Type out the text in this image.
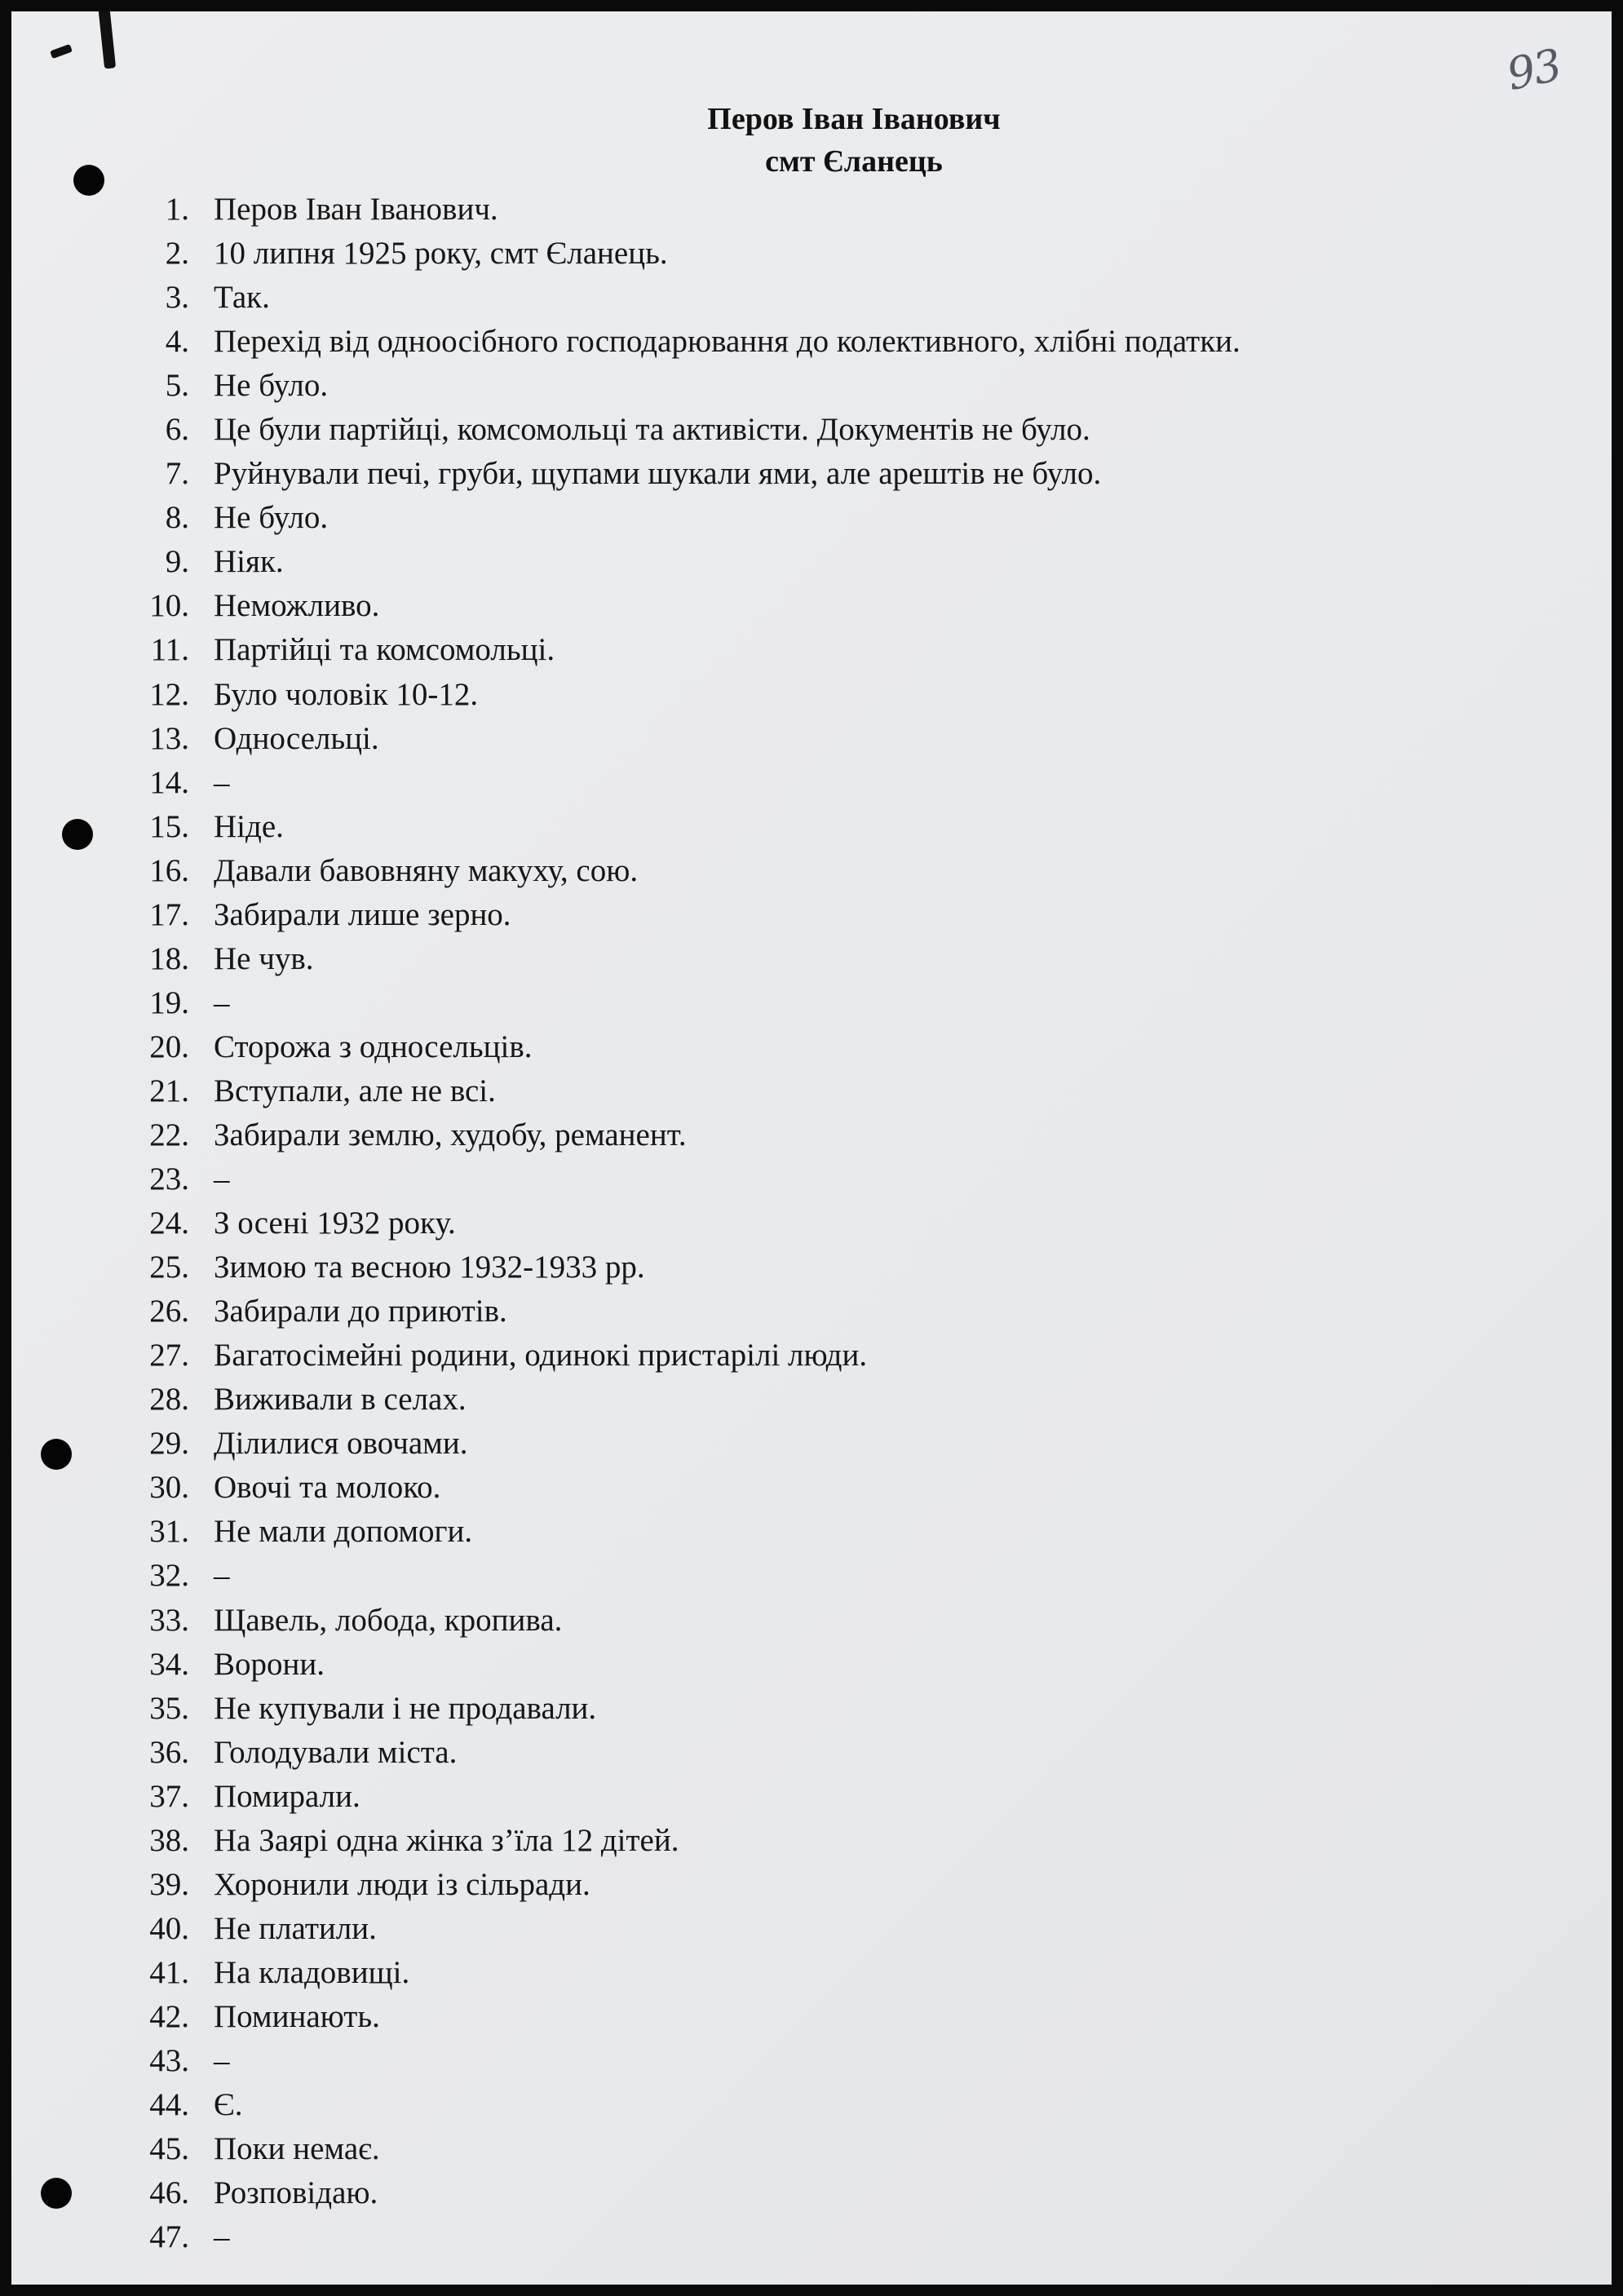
93
Перов Іван Іванович
смт Єланець
1. Перов Іван Іванович.
2. 10 липня 1925 року, смт Єланець.
3. Так.
4. Перехід від одноосібного господарювання до колективного, хлібні податки.
5. Не було.
6. Це були партійці, комсомольці та активісти. Документів не було.
7. Руйнували печі, груби, щупами шукали ями, але арештів не було.
8. Не було.
9. Ніяк.
10. Неможливо.
11. Партійці та комсомольці.
12. Було чоловік 10-12.
13. Односельці.
14. –
15. Ніде.
16. Давали бавовняну макуху, сою.
17. Забирали лише зерно.
18. Не чув.
19. –
20. Сторожа з односельців.
21. Вступали, але не всі.
22. Забирали землю, худобу, реманент.
23. –
24. З осені 1932 року.
25. Зимою та весною 1932-1933 рр.
26. Забирали до приютів.
27. Багатосімейні родини, одинокі пристарілі люди.
28. Виживали в селах.
29. Ділилися овочами.
30. Овочі та молоко.
31. Не мали допомоги.
32. –
33. Щавель, лобода, кропива.
34. Ворони.
35. Не купували і не продавали.
36. Голодували міста.
37. Помирали.
38. На Заярі одна жінка з’їла 12 дітей.
39. Хоронили люди із сільради.
40. Не платили.
41. На кладовищі.
42. Поминають.
43. –
44. Є.
45. Поки немає.
46. Розповідаю.
47. –
